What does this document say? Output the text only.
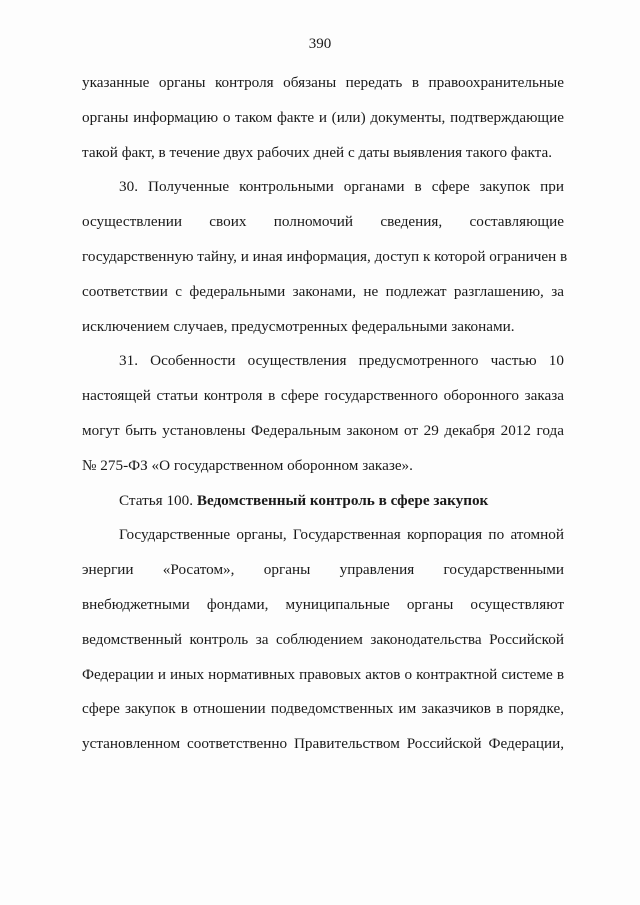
390
указанные органы контроля обязаны передать в правоохранительные
органы информацию о таком факте и (или) документы, подтверждающие
такой факт, в течение двух рабочих дней с даты выявления такого факта.
30. Полученные контрольными органами в сфере закупок при
осуществлении своих полномочий сведения, составляющие
государственную тайну, и иная информация, доступ к которой ограничен в
соответствии с федеральными законами, не подлежат разглашению, за
исключением случаев, предусмотренных федеральными законами.
31. Особенности осуществления предусмотренного частью 10
настоящей статьи контроля в сфере государственного оборонного заказа
могут быть установлены Федеральным законом от 29 декабря 2012 года
№ 275-ФЗ «О государственном оборонном заказе».
Статья 100. Ведомственный контроль в сфере закупок
Государственные органы, Государственная корпорация по атомной
энергии «Росатом», органы управления государственными
внебюджетными фондами, муниципальные органы осуществляют
ведомственный контроль за соблюдением законодательства Российской
Федерации и иных нормативных правовых актов о контрактной системе в
сфере закупок в отношении подведомственных им заказчиков в порядке,
установленном соответственно Правительством Российской Федерации,
